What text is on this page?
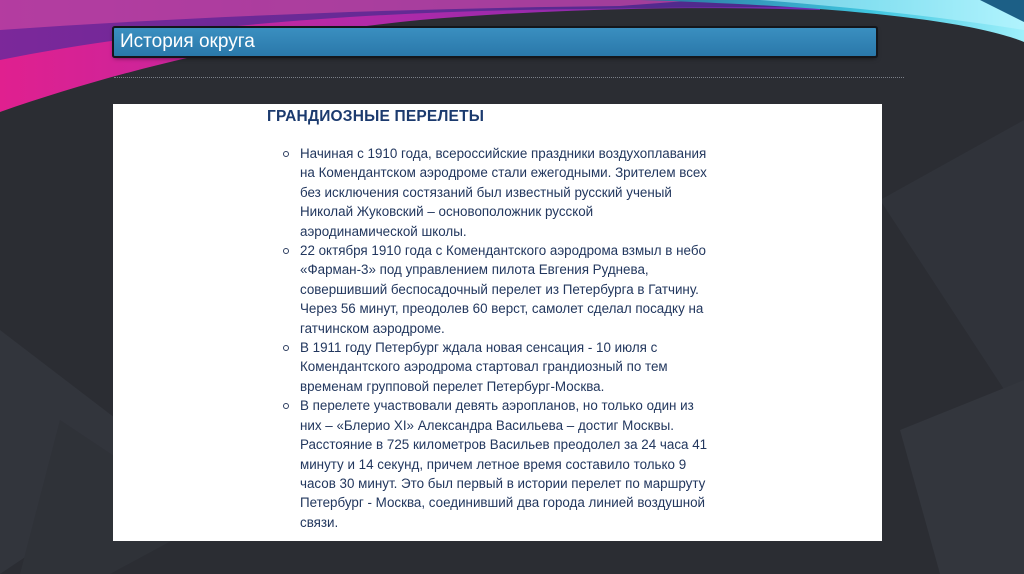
История округа
ГРАНДИОЗНЫЕ ПЕРЕЛЕТЫ
Начиная с 1910 года, всероссийские праздники воздухоплавания
на Комендантском аэродроме стали ежегодными. Зрителем всех
без исключения состязаний был известный русский ученый
Николай Жуковский – основоположник русской
аэродинамической школы.
22 октября 1910 года с Комендантского аэродрома взмыл в небо
«Фарман-3» под управлением пилота Евгения Руднева,
совершивший беспосадочный перелет из Петербурга в Гатчину.
Через 56 минут, преодолев 60 верст, самолет сделал посадку на
гатчинском аэродроме.
В 1911 году Петербург ждала новая сенсация - 10 июля с
Комендантского аэродрома стартовал грандиозный по тем
временам групповой перелет Петербург-Москва.
В перелете участвовали девять аэропланов, но только один из
них – «Блерио XI» Александра Васильева – достиг Москвы.
Расстояние в 725 километров Васильев преодолел за 24 часа 41
минуту и 14 секунд, причем летное время составило только 9
часов 30 минут. Это был первый в истории перелет по маршруту
Петербург - Москва, соединивший два города линией воздушной
связи.
